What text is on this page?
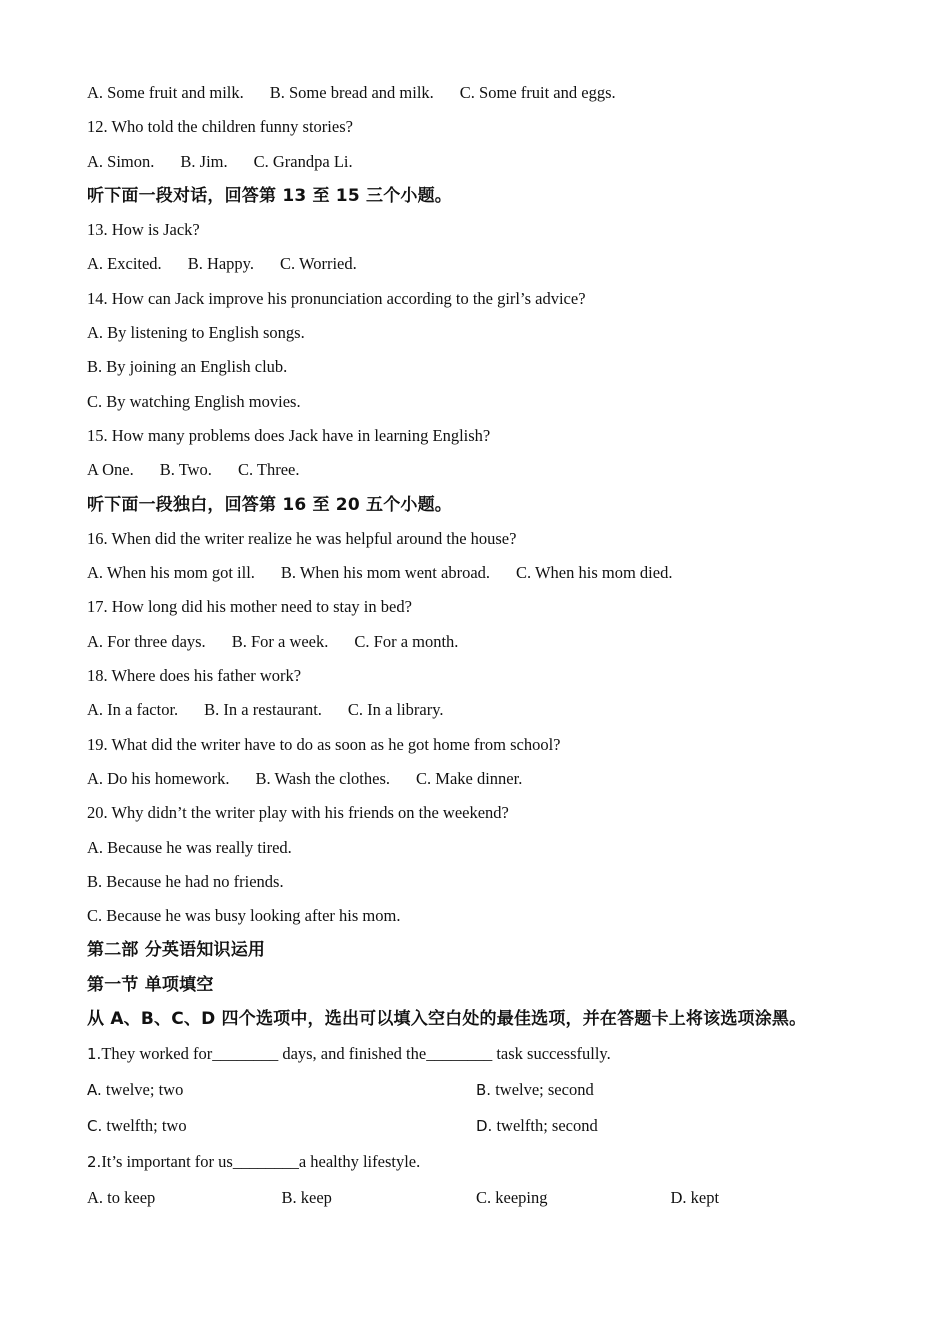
A. Some fruit and milk. B. Some bread and milk. C. Some fruit and eggs.
12. Who told the children funny stories?
A. Simon. B. Jim. C. Grandpa Li.
听下面一段对话，回答第 13 至 15 三个小题。
13. How is Jack?
A. Excited. B. Happy. C. Worried.
14. How can Jack improve his pronunciation according to the girl’s advice?
A. By listening to English songs.
B. By joining an English club.
C. By watching English movies.
15. How many problems does Jack have in learning English?
A One. B. Two. C. Three.
听下面一段独白，回答第 16 至 20 五个小题。
16. When did the writer realize he was helpful around the house?
A. When his mom got ill. B. When his mom went abroad. C. When his mom died.
17. How long did his mother need to stay in bed?
A. For three days. B. For a week. C. For a month.
18. Where does his father work?
A. In a factor. B. In a restaurant. C. In a library.
19. What did the writer have to do as soon as he got home from school?
A. Do his homework. B. Wash the clothes. C. Make dinner.
20. Why didn’t the writer play with his friends on the weekend?
A. Because he was really tired.
B. Because he had no friends.
C. Because he was busy looking after his mom.
第二部 分英语知识运用
第一节 单项填空
从 A、B、C、D 四个选项中，选出可以填入空白处的最佳选项，并在答题卡上将该选项涂黑。
1.They worked for________ days, and finished the________ task successfully.
A. twelve; two	B. twelve; second
C. twelfth; two	D. twelfth; second
2.It’s important for us________a healthy lifestyle.
A. to keep	B. keep	C. keeping	D. kept
